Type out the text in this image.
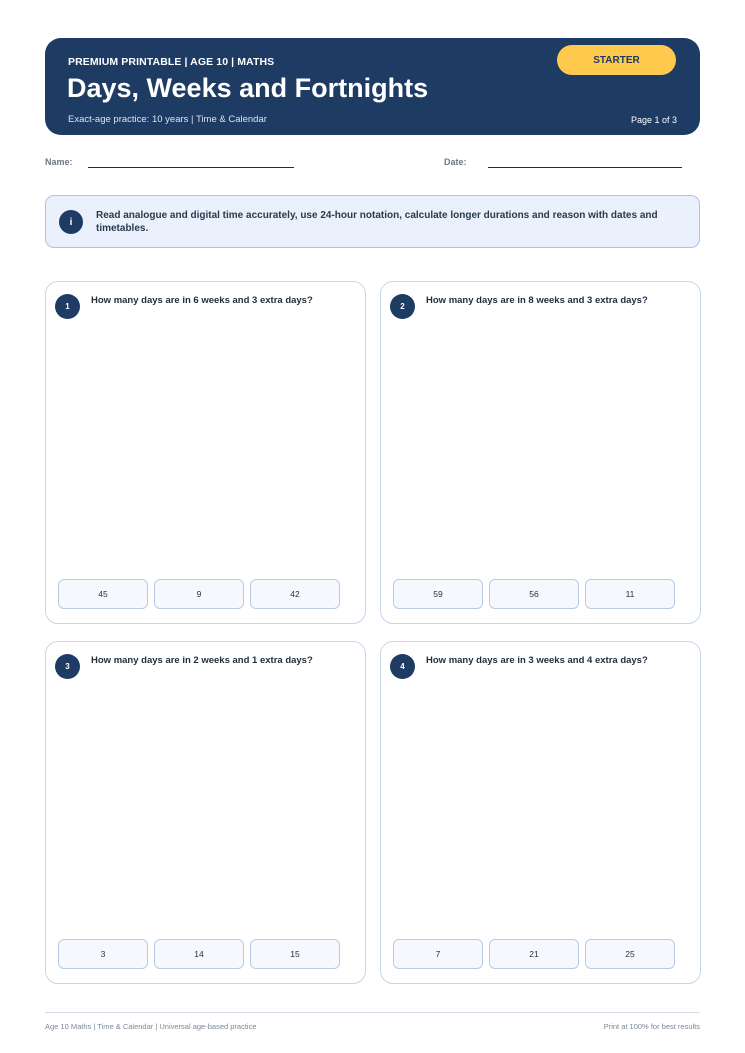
PREMIUM PRINTABLE | AGE 10 | MATHS
Days, Weeks and Fortnights
Exact-age practice: 10 years | Time & Calendar	Page 1 of 3
STARTER
Name:	Date:
i
Read analogue and digital time accurately, use 24-hour notation, calculate longer durations and reason with dates and timetables.
1
How many days are in 6 weeks and 3 extra days?
45	9	42
2
How many days are in 8 weeks and 3 extra days?
59	56	11
3
How many days are in 2 weeks and 1 extra days?
3	14	15
4
How many days are in 3 weeks and 4 extra days?
7	21	25
Age 10 Maths | Time & Calendar | Universal age-based practice	Print at 100% for best results
